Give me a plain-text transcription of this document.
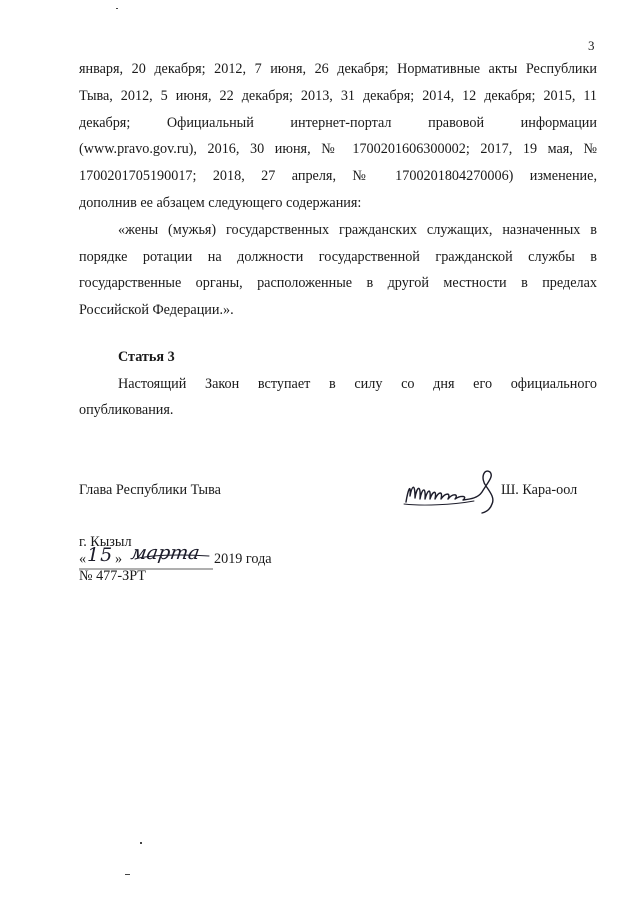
3
января, 20 декабря; 2012, 7 июня, 26 декабря; Нормативные акты Республики
Тыва, 2012, 5 июня, 22 декабря; 2013, 31 декабря; 2014, 12 декабря; 2015, 11
декабря; Официальный интернет-портал правовой информации
(www.pravo.gov.ru), 2016, 30 июня, № 1700201606300002; 2017, 19 мая, №
1700201705190017; 2018, 27 апреля, № 1700201804270006) изменение,
дополнив ее абзацем следующего содержания:
«жены (мужья) государственных гражданских служащих, назначенных в
порядке ротации на должности государственной гражданской службы в
государственные органы, расположенные в другой местности в пределах
Российской Федерации.».
Статья 3
Настоящий Закон вступает в силу со дня его официального
опубликования.
Глава Республики Тыва	Ш. Кара-оол
г. Кызыл
« 15 » марта 2019 года
№ 477-ЗРТ
